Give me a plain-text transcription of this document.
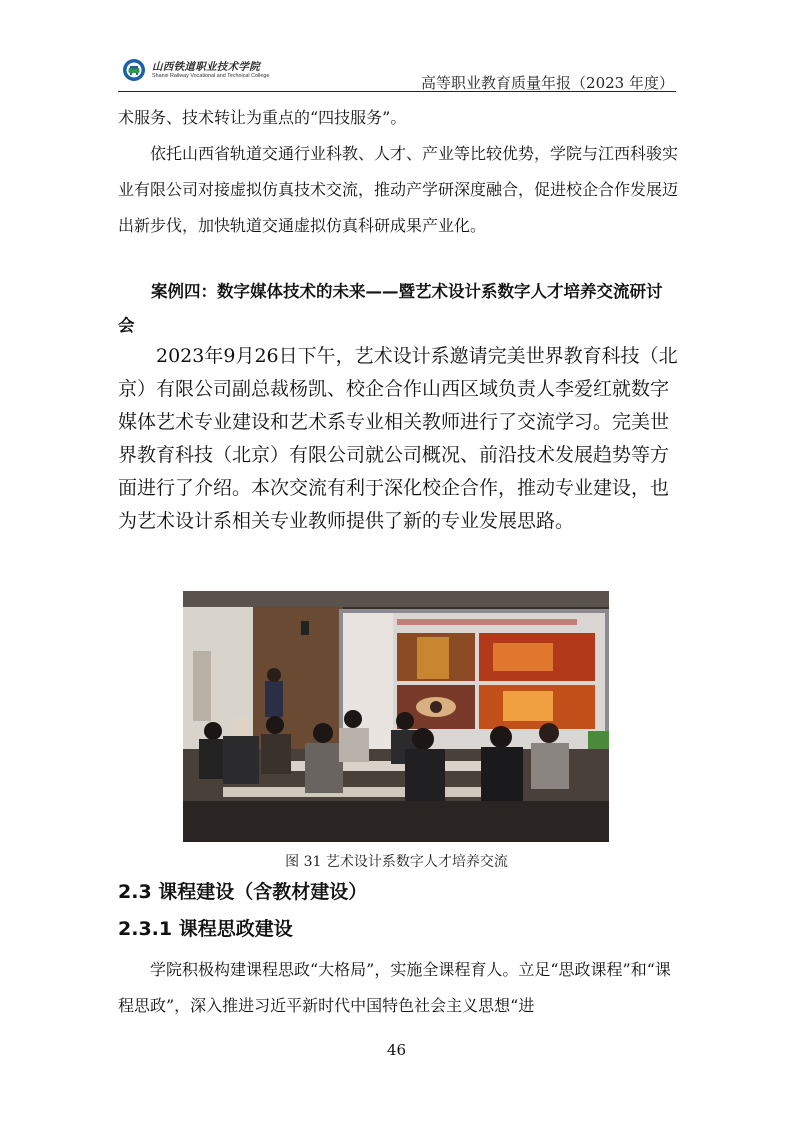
山西铁道职业技术学院
Shanxi Railway Vocational and Technical College	高等职业教育质量年报（2023 年度）

术服务、技术转让为重点的“四技服务”。

依托山西省轨道交通行业科教、人才、产业等比较优势，学院与江西科骏实业有限公司对接虚拟仿真技术交流，推动产学研深度融合，促进校企合作发展迈出新步伐，加快轨道交通虚拟仿真科研成果产业化。

案例四：数字媒体技术的未来——暨艺术设计系数字人才培养交流研讨会

2023年9月26日下午，艺术设计系邀请完美世界教育科技（北京）有限公司副总裁杨凯、校企合作山西区域负责人李爱红就数字媒体艺术专业建设和艺术系专业相关教师进行了交流学习。完美世界教育科技（北京）有限公司就公司概况、前沿技术发展趋势等方面进行了介绍。本次交流有利于深化校企合作，推动专业建设，也为艺术设计系相关专业教师提供了新的专业发展思路。

图 31 艺术设计系数字人才培养交流
2.3 课程建设（含教材建设）
2.3.1 课程思政建设

学院积极构建课程思政“大格局”，实施全课程育人。立足“思政课程”和“课程思政”，深入推进习近平新时代中国特色社会主义思想“进

46
